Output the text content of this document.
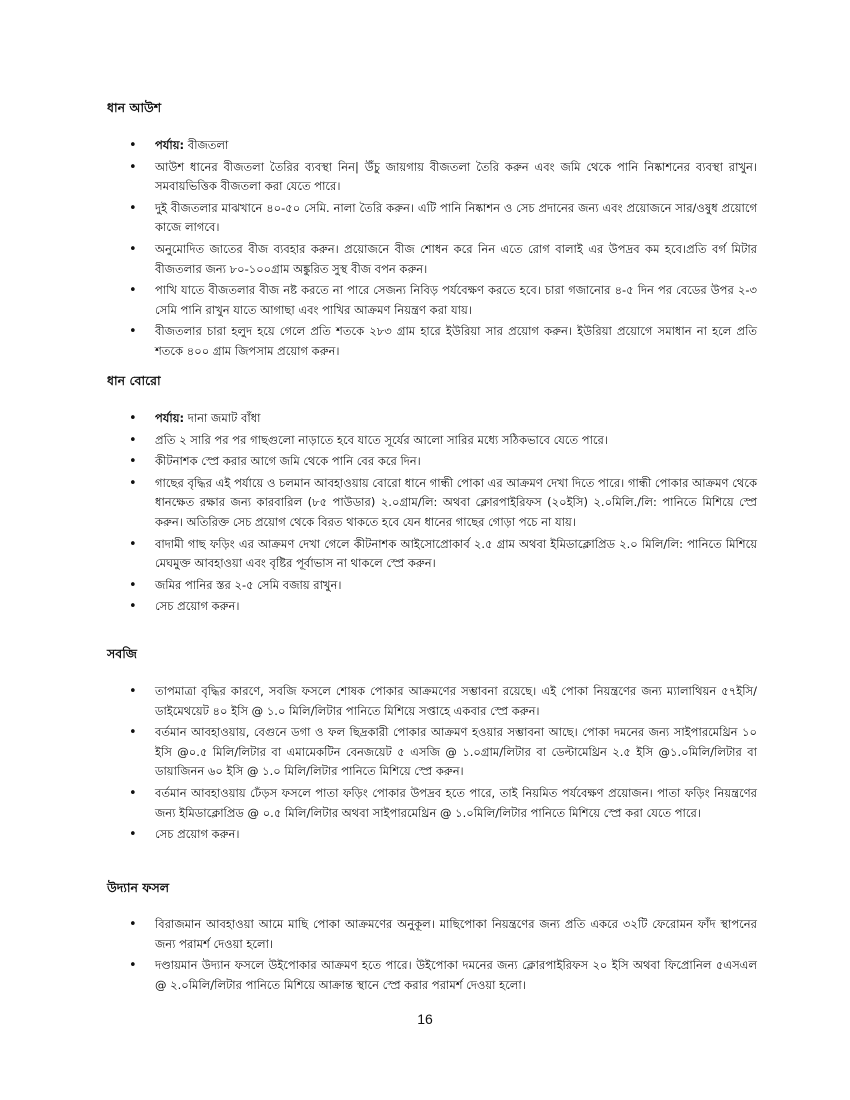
ধান আউশ
• পর্যায়: বীজতলা
• আউশ ধানের বীজতলা তৈরির ব্যবস্থা নিন| উঁচু জায়গায় বীজতলা তৈরি করুন এবং জমি থেকে পানি নিষ্কাশনের ব্যবস্থা রাখুন। সমবায়ভিত্তিক বীজতলা করা যেতে পারে।
• দুই বীজতলার মাঝখানে ৪০-৫০ সেমি. নালা তৈরি করুন। এটি পানি নিষ্কাশন ও সেচ প্রদানের জন্য এবং প্রয়োজনে সার/ওষুধ প্রয়োগে কাজে লাগবে।
• অনুমোদিত জাতের বীজ ব্যবহার করুন। প্রয়োজনে বীজ শোধন করে নিন এতে রোগ বালাই এর উপদ্রব কম হবে।প্রতি বর্গ মিটার বীজতলার জন্য ৮০-১০০গ্রাম অঙ্কুরিত সুস্থ বীজ বপন করুন।
• পাখি যাতে বীজতলার বীজ নষ্ট করতে না পারে সেজন্য নিবিড় পর্যবেক্ষণ করতে হবে। চারা গজানোর ৪-৫ দিন পর বেডের উপর ২-৩ সেমি পানি রাখুন যাতে আগাছা এবং পাখির আক্রমণ নিয়ন্ত্রণ করা যায়।
• বীজতলার চারা হলুদ হয়ে গেলে প্রতি শতকে ২৮৩ গ্রাম হারে ইউরিয়া সার প্রয়োগ করুন। ইউরিয়া প্রয়োগে সমাধান না হলে প্রতি শতকে ৪০০ গ্রাম জিপসাম প্রয়োগ করুন।
ধান বোরো
• পর্যায়: দানা জমাট বাঁধা
• প্রতি ২ সারি পর পর গাছগুলো নাড়াতে হবে যাতে সূর্যের আলো সারির মধ্যে সঠিকভাবে যেতে পারে।
• কীটনাশক স্প্রে করার আগে জমি থেকে পানি বের করে দিন।
• গাছের বৃদ্ধির এই পর্যায়ে ও চলমান আবহাওয়ায় বোরো ধানে গান্ধী পোকা এর আক্রমণ দেখা দিতে পারে। গান্ধী পোকার আক্রমণ থেকে ধানক্ষেত রক্ষার জন্য কারবারিল (৮৫ পাউডার) ২.০গ্রাম/লি: অথবা ক্লোরপাইরিফস (২০ইসি) ২.০মিলি./লি: পানিতে মিশিয়ে স্প্রে করুন। অতিরিক্ত সেচ প্রয়োগ থেকে বিরত থাকতে হবে যেন ধানের গাছের গোড়া পচে না যায়।
• বাদামী গাছ ফড়িং এর আক্রমণ দেখা গেলে কীটনাশক আইসোপ্রোকার্ব ২.৫ গ্রাম অথবা ইমিডাক্লোপ্রিড ২.০ মিলি/লি: পানিতে মিশিয়ে মেঘমুক্ত আবহাওয়া এবং বৃষ্টির পূর্বাভাস না থাকলে স্প্রে করুন।
• জমির পানির স্তর ২-৫ সেমি বজায় রাখুন।
• সেচ প্রয়োগ করুন।
সবজি
• তাপমাত্রা বৃদ্ধির কারণে, সবজি ফসলে শোষক পোকার আক্রমণের সম্ভাবনা রয়েছে। এই পোকা নিয়ন্ত্রণের জন্য ম্যালাথিয়ন ৫৭ইসি/ডাইমেথয়েট ৪০ ইসি @ ১.০ মিলি/লিটার পানিতে মিশিয়ে সপ্তাহে একবার স্প্রে করুন।
• বর্তমান আবহাওয়ায়, বেগুনে ডগা ও ফল ছিদ্রকারী পোকার আক্রমণ হওয়ার সম্ভাবনা আছে। পোকা দমনের জন্য সাইপারমেথ্রিন ১০ ইসি @০.৫ মিলি/লিটার বা এমামেকটিন বেনজয়েট ৫ এসজি @ ১.০গ্রাম/লিটার বা ডেল্টামেথ্রিন ২.৫ ইসি @১.০মিলি/লিটার বা ডায়াজিনন ৬০ ইসি @ ১.০ মিলি/লিটার পানিতে মিশিয়ে স্প্রে করুন।
• বর্তমান আবহাওয়ায় ঢেঁড়স ফসলে পাতা ফড়িং পোকার উপদ্রব হতে পারে, তাই নিয়মিত পর্যবেক্ষণ প্রয়োজন। পাতা ফড়িং নিয়ন্ত্রণের জন্য ইমিডাক্লোপ্রিড @ ০.৫ মিলি/লিটার অথবা সাইপারমেথ্রিন @ ১.০মিলি/লিটার পানিতে মিশিয়ে স্প্রে করা যেতে পারে।
• সেচ প্রয়োগ করুন।
উদ্যান ফসল
• বিরাজমান আবহাওয়া আমে মাছি পোকা আক্রমণের অনুকূল। মাছিপোকা নিয়ন্ত্রণের জন্য প্রতি একরে ৩২টি ফেরোমন ফাঁদ স্থাপনের জন্য পরামর্শ দেওয়া হলো।
• দণ্ডায়মান উদ্যান ফসলে উইপোকার আক্রমণ হতে পারে। উইপোকা দমনের জন্য ক্লোরপাইরিফস ২০ ইসি অথবা ফিপ্রোনিল ৫এসএল @ ২.০মিলি/লিটার পানিতে মিশিয়ে আক্রান্ত স্থানে স্প্রে করার পরামর্শ দেওয়া হলো।
16
